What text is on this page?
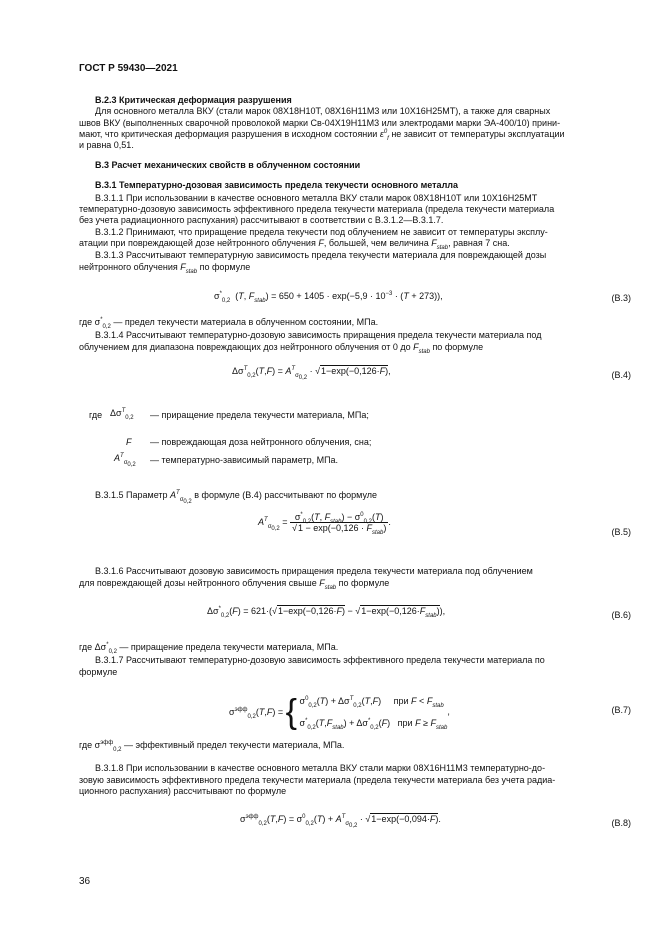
ГОСТ Р 59430—2021
B.2.3 Критическая деформация разрушения
Для основного металла ВКУ (стали марок 08Х18Н10Т, 08Х16Н11М3 или 10Х16Н25МТ), а также для сварных
швов ВКУ (выполненных сварочной проволокой марки Св-04Х19Н11М3 или электродами марки ЭА-400/10) прини-
мают, что критическая деформация разрушения в исходном состоянии $\varepsilon^0_f$ не зависит от температуры эксплуатации
и равна 0,51.
B.3 Расчет механических свойств в облученном состоянии
B.3.1 Температурно-дозовая зависимость предела текучести основного металла
B.3.1.1 При использовании в качестве основного металла ВКУ стали марок 08Х18Н10Т или 10Х16Н25МТ
температурно-дозовую зависимость эффективного предела текучести материала (предела текучести материала
без учета радиационного распухания) рассчитывают в соответствии с B.3.1.2—B.3.1.7.
B.3.1.2 Принимают, что приращение предела текучести под облучением не зависит от температуры эксплу-
атации при повреждающей дозе нейтронного облучения F, большей, чем величина $F_{stab}$, равная 7 сна.
B.3.1.3 Рассчитывают температурную зависимость предела текучести материала для повреждающей дозы
нейтронного облучения $F_{stab}$ по формуле
$\sigma^*_{0,2}$  (T, $F_{stab}) = 650 + 1405 \cdot \exp(-5,9 \cdot 10^{-3} \cdot (T + 273))$,	(B.3)
где $\sigma^*_{0,2}$ — предел текучести материала в облученном состоянии, МПа.
B.3.1.4 Рассчитывают температурно-дозовую зависимость приращения предела текучести материала под
облучением для диапазона повреждающих доз нейтронного облучения от 0 до $F_{stab}$ по формуле
$\Delta\sigma^T_{0,2}(T,F) = A^T_{\sigma_{0,2}} \cdot √1-\exp(-0,126\cdot F)$,	(B.4)
где $\Delta\sigma^T_{0,2}$ — приращение предела текучести материала, МПа;
F — повреждающая доза нейтронного облучения, сна;
$A^T_{\sigma_{0,2}}$ — температурно-зависимый параметр, МПа.
B.3.1.5 Параметр $A^T_{\sigma_{0,2}}$ в формуле (B.4) рассчитывают по формуле
$A^T_{\sigma_{0,2}} = \frac{\sigma^*_{0,2}(T, F_{stab}) - \sigma^0_{0,2}(T)}{√1 - \exp(-0,126 \cdot F_{stab})}$ .
(B.5)
B.3.1.6 Рассчитывают дозовую зависимость приращения предела текучести материала под облучением
для повреждающей дозы нейтронного облучения свыше $F_{stab}$ по формуле
$\Delta\sigma^*_{0,2}(F) = 621\cdot(√1-\exp(-0,126\cdot F) - √1-\exp(-0,126\cdot F_{stab}))$,	(B.6)
где $\Delta\sigma^*_{0,2}$ — приращение предела текучести материала, МПа.
B.3.1.7 Рассчитывают температурно-дозовую зависимость эффективного предела текучести материала по
формуле
$\sigma^{эфф}_{0,2}(T,F)$ = { $\sigma^0_{0,2}(T) + \Delta\sigma^T_{0,2}(T,F)$     при $F < F_{stab}$
$\sigma^*_{0,2}(T,F_{stab}) + \Delta\sigma^*_{0,2}(F)$   при $F \ge F_{stab}$,	(B.7)
где $\sigma^{эфф}_{0,2}$ — эффективный предел текучести материала, МПа.
B.3.1.8 При использовании в качестве основного металла ВКУ стали марки 08Х16Н11М3 температурно-до-
зовую зависимость эффективного предела текучести материала (предела текучести материала без учета радиа-
ционного распухания) рассчитывают по формуле
$\sigma^{эфф}_{0,2}(T,F) = \sigma^0_{0,2}(T) + A^T_{\sigma_{0,2}} \cdot √1-\exp(-0,094\cdot F)$.	(B.8)
36
